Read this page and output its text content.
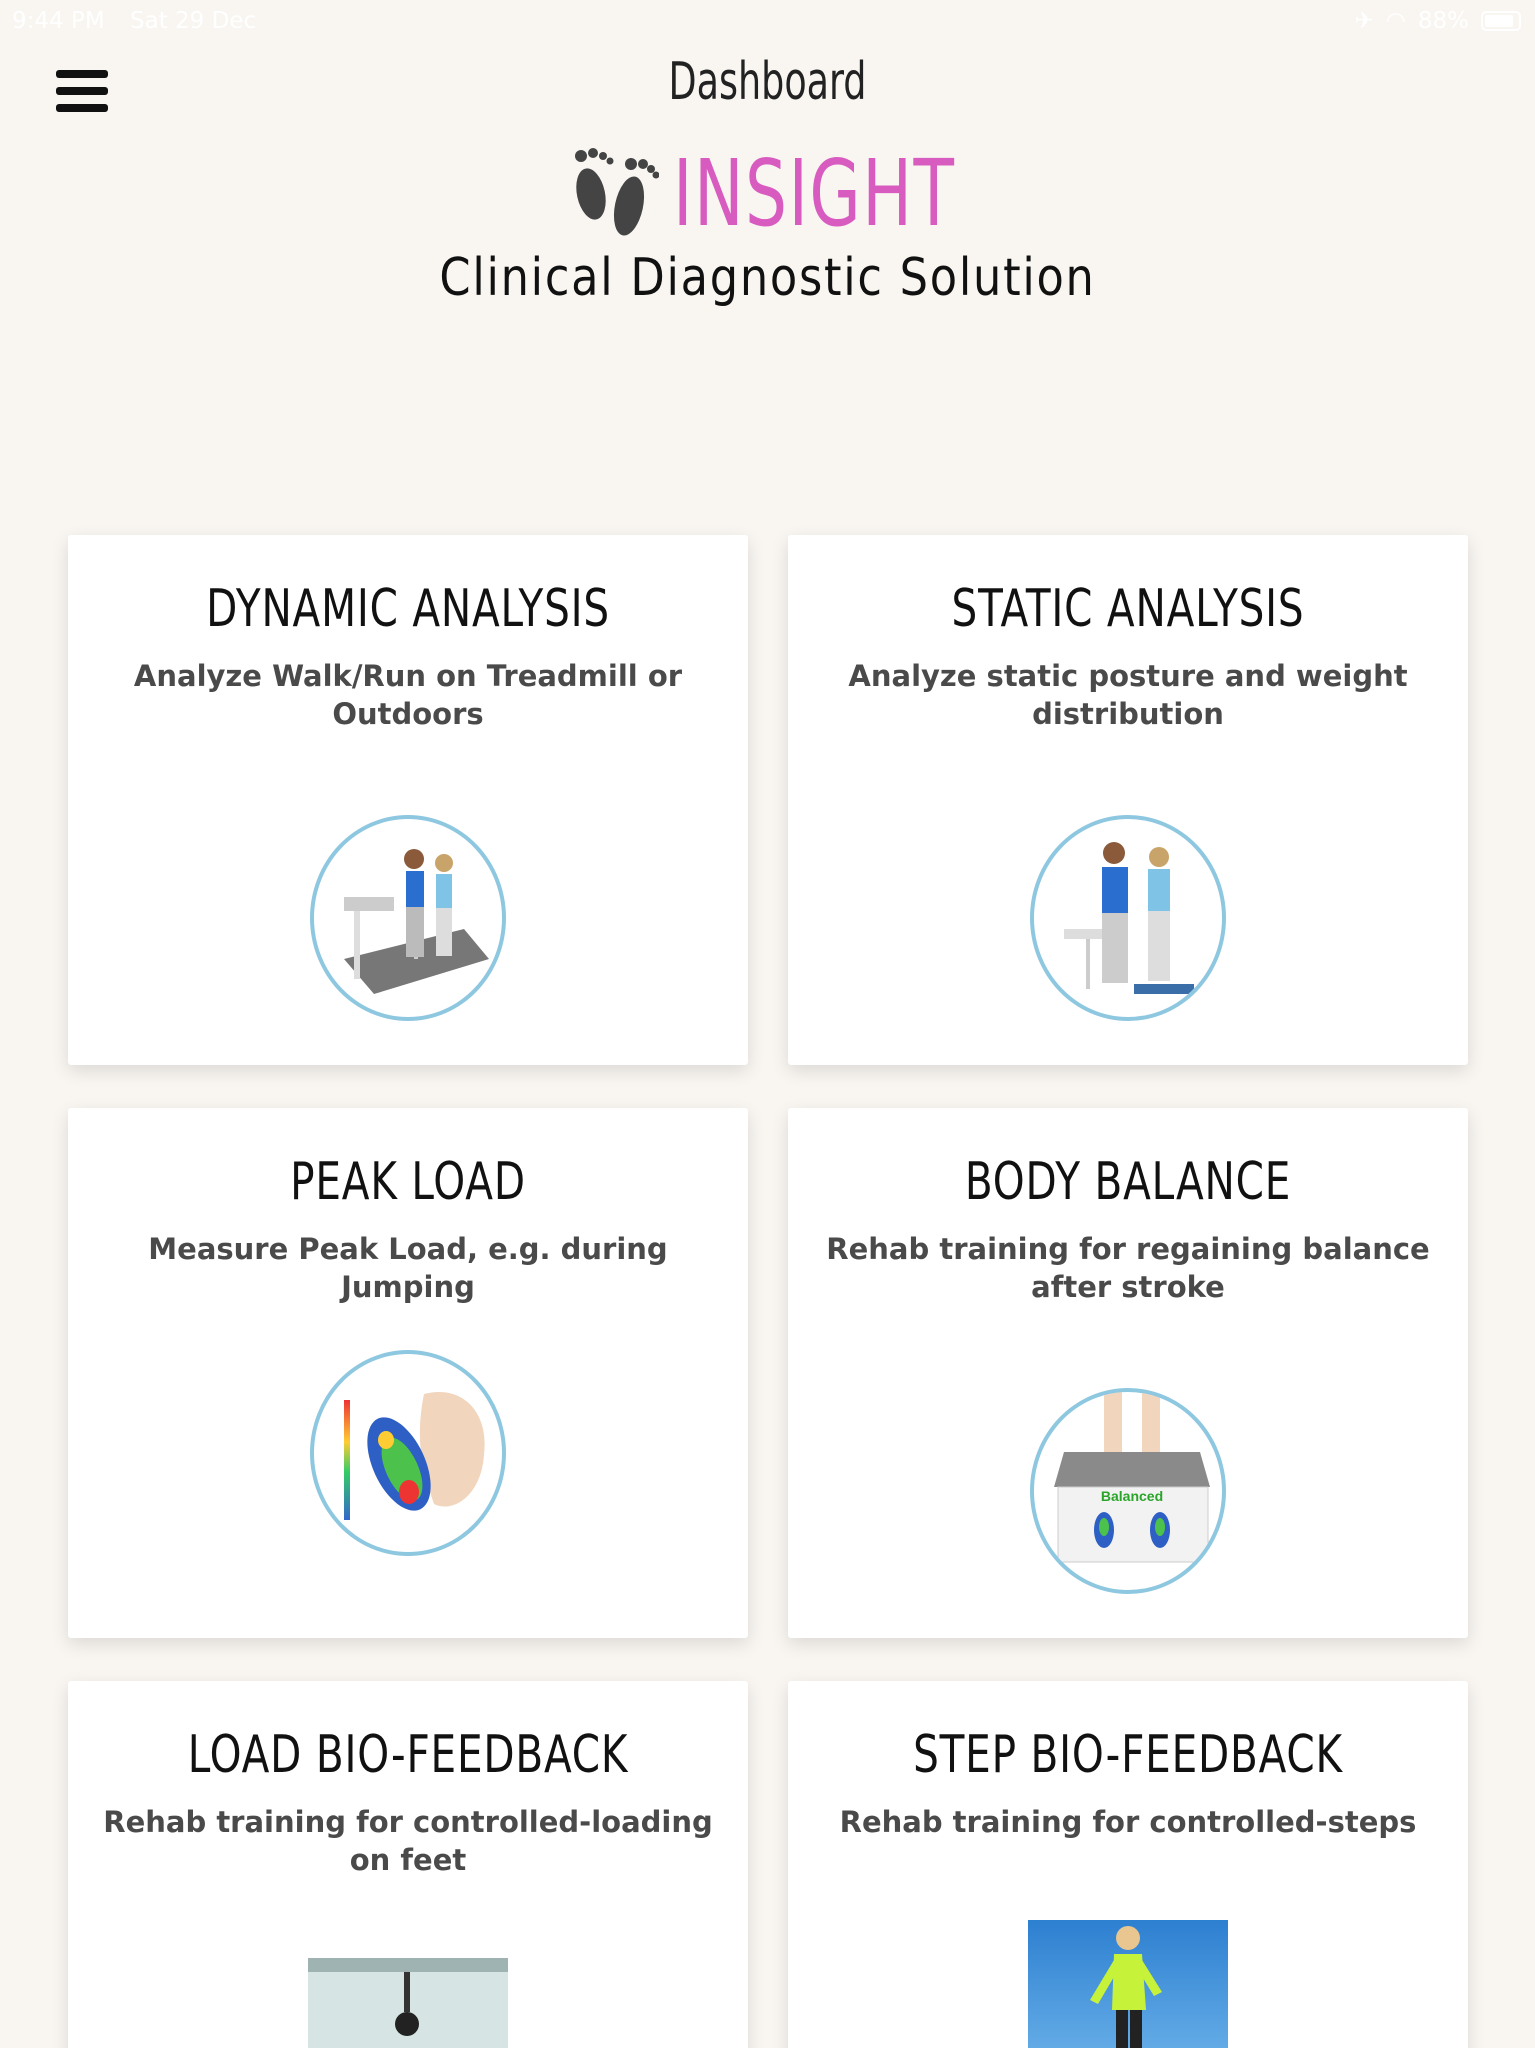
9:44 PM Sat 29 Dec	✈ ◠ 88%
Dashboard
INSIGHT
Clinical Diagnostic Solution
DYNAMIC ANALYSIS

Analyze Walk/Run on Treadmill or Outdoors

STATIC ANALYSIS

Analyze static posture and weight distribution

PEAK LOAD

Measure Peak Load, e.g. during Jumping

BODY BALANCE

Rehab training for regaining balance after stroke

Balanced
LOAD BIO-FEEDBACK

Rehab training for controlled-loading on feet

STEP BIO-FEEDBACK

Rehab training for controlled-steps
